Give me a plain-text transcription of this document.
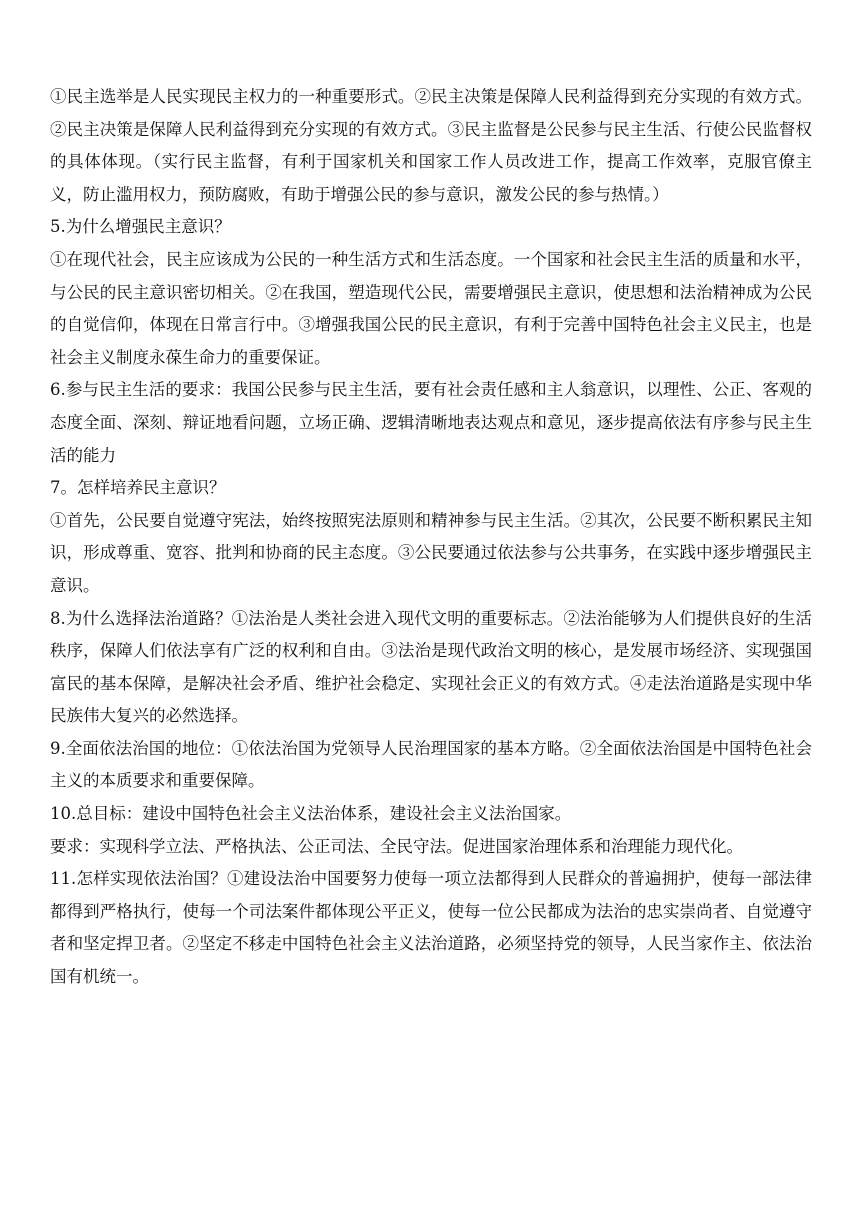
①民主选举是人民实现民主权力的一种重要形式。②民主决策是保障人民利益得到充分实现的有效方式。②民主决策是保障人民利益得到充分实现的有效方式。③民主监督是公民参与民主生活、行使公民监督权的具体体现。（实行民主监督，有利于国家机关和国家工作人员改进工作，提高工作效率，克服官僚主义，防止滥用权力，预防腐败，有助于增强公民的参与意识，激发公民的参与热情。）

5.为什么增强民主意识？

①在现代社会，民主应该成为公民的一种生活方式和生活态度。一个国家和社会民主生活的质量和水平，与公民的民主意识密切相关。②在我国，塑造现代公民，需要增强民主意识，使思想和法治精神成为公民的自觉信仰，体现在日常言行中。③增强我国公民的民主意识，有利于完善中国特色社会主义民主，也是社会主义制度永葆生命力的重要保证。

6.参与民主生活的要求：我国公民参与民主生活，要有社会责任感和主人翁意识，以理性、公正、客观的态度全面、深刻、辩证地看问题，立场正确、逻辑清晰地表达观点和意见，逐步提高依法有序参与民主生活的能力

7。怎样培养民主意识？

①首先，公民要自觉遵守宪法，始终按照宪法原则和精神参与民主生活。②其次，公民要不断积累民主知识，形成尊重、宽容、批判和协商的民主态度。③公民要通过依法参与公共事务，在实践中逐步增强民主意识。

8.为什么选择法治道路？①法治是人类社会进入现代文明的重要标志。②法治能够为人们提供良好的生活秩序，保障人们依法享有广泛的权利和自由。③法治是现代政治文明的核心，是发展市场经济、实现强国富民的基本保障，是解决社会矛盾、维护社会稳定、实现社会正义的有效方式。④走法治道路是实现中华民族伟大复兴的必然选择。

9.全面依法治国的地位：①依法治国为党领导人民治理国家的基本方略。②全面依法治国是中国特色社会主义的本质要求和重要保障。

10.总目标：建设中国特色社会主义法治体系，建设社会主义法治国家。

要求：实现科学立法、严格执法、公正司法、全民守法。促进国家治理体系和治理能力现代化。

11.怎样实现依法治国？①建设法治中国要努力使每一项立法都得到人民群众的普遍拥护，使每一部法律都得到严格执行，使每一个司法案件都体现公平正义，使每一位公民都成为法治的忠实崇尚者、自觉遵守者和坚定捍卫者。②坚定不移走中国特色社会主义法治道路，必须坚持党的领导，人民当家作主、依法治国有机统一。
